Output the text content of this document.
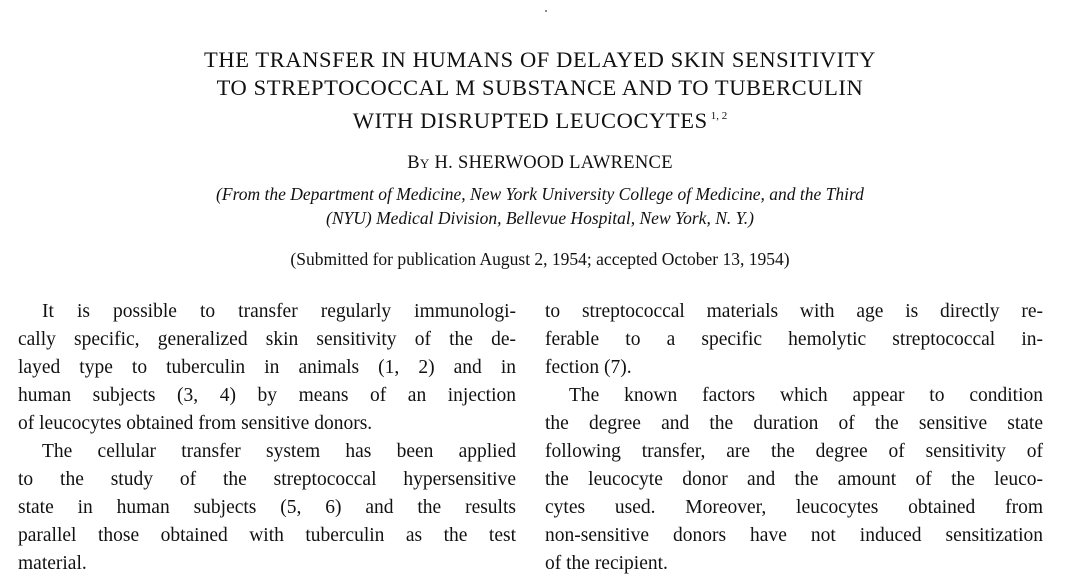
THE TRANSFER IN HUMANS OF DELAYED SKIN SENSITIVITY
TO STREPTOCOCCAL M SUBSTANCE AND TO TUBERCULIN
WITH DISRUPTED LEUCOCYTES $^{1, 2}$
By H. SHERWOOD LAWRENCE
(From the Department of Medicine, New York University College of Medicine, and the Third
(NYU) Medical Division, Bellevue Hospital, New York, N. Y.)
(Submitted for publication August 2, 1954; accepted October 13, 1954)
It is possible to transfer regularly immunologi-
cally specific, generalized skin sensitivity of the de-
layed type to tuberculin in animals (1, 2) and in
human subjects (3, 4) by means of an injection
of leucocytes obtained from sensitive donors.
The cellular transfer system has been applied
to the study of the streptococcal hypersensitive
state in human subjects (5, 6) and the results
parallel those obtained with tuberculin as the test
material.
to streptococcal materials with age is directly re-
ferable to a specific hemolytic streptococcal in-
fection (7).
The known factors which appear to condition
the degree and the duration of the sensitive state
following transfer, are the degree of sensitivity of
the leucocyte donor and the amount of the leuco-
cytes used. Moreover, leucocytes obtained from
non-sensitive donors have not induced sensitization
of the recipient.
